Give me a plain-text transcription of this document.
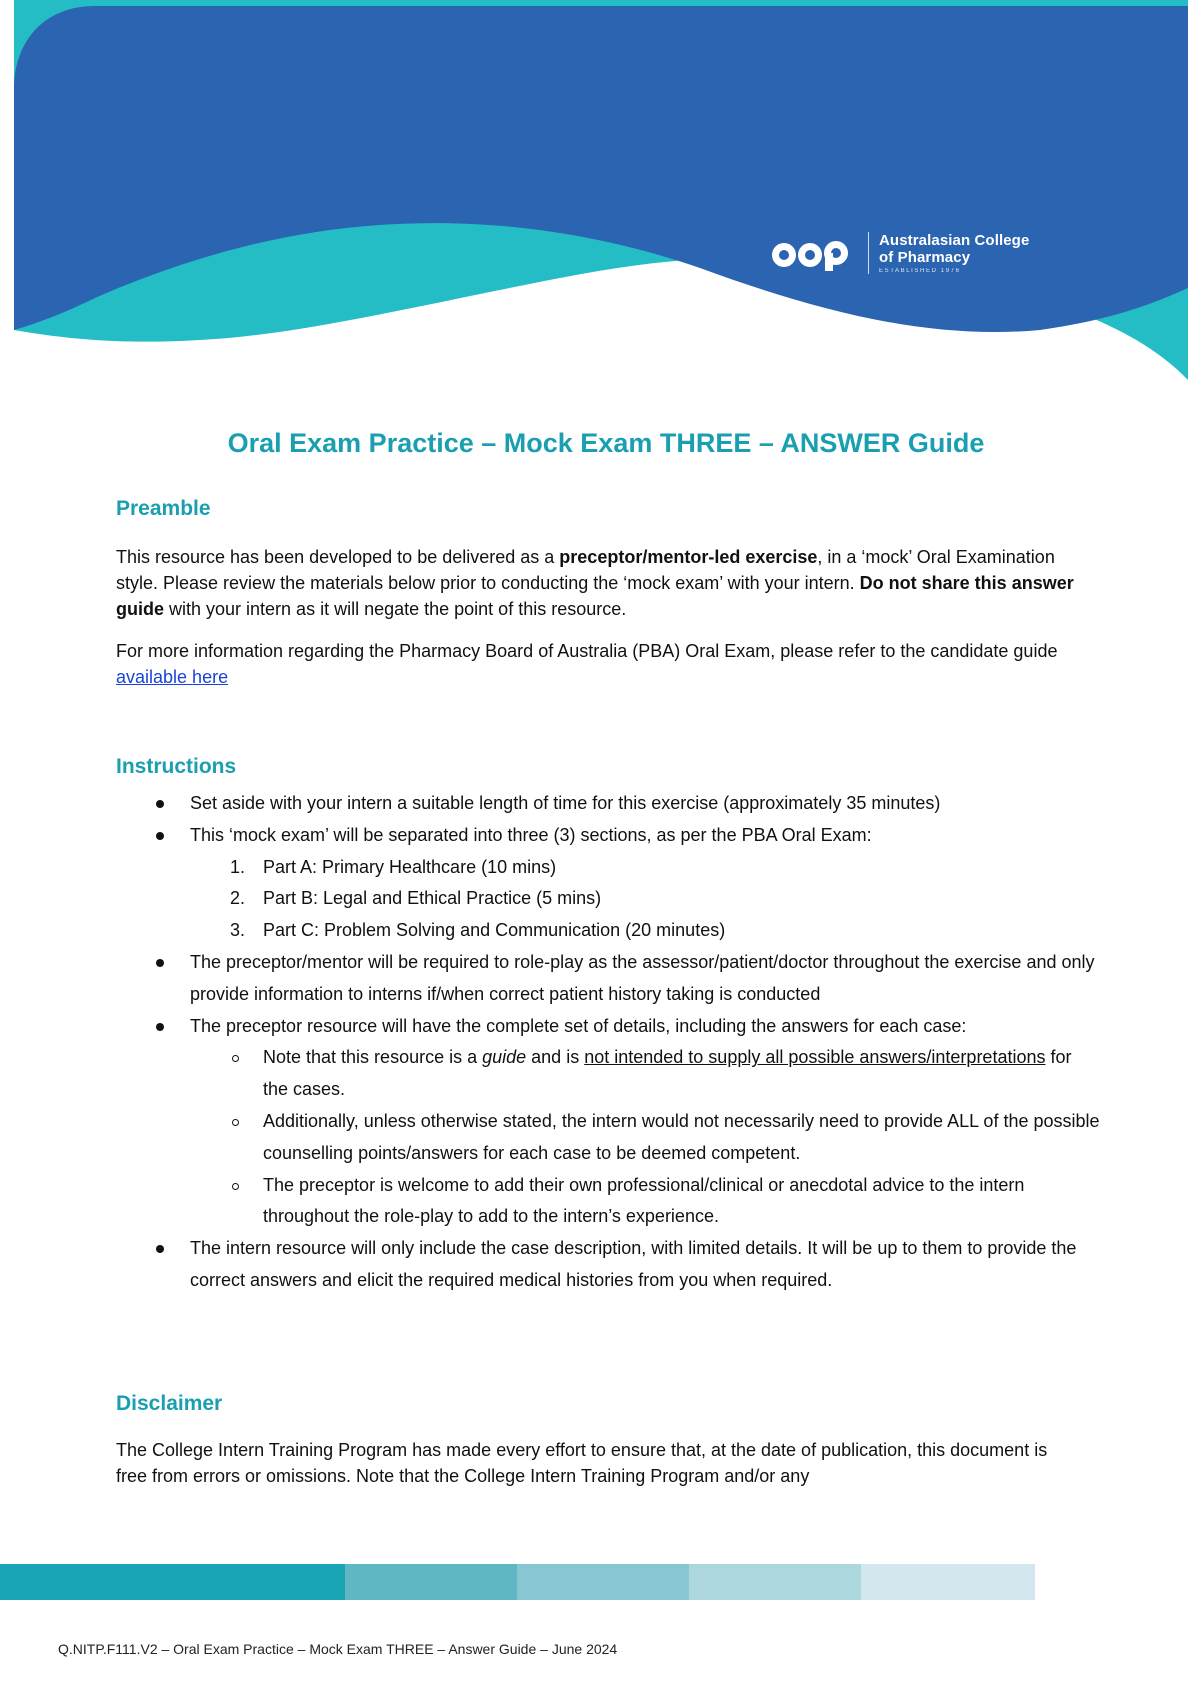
Australasian College
of Pharmacy
ESTABLISHED 1976
Oral Exam Practice – Mock Exam THREE – ANSWER Guide
Preamble

This resource has been developed to be delivered as a preceptor/mentor-led exercise, in a ‘mock’ Oral Examination style. Please review the materials below prior to conducting the ‘mock exam’ with your intern. Do not share this answer guide with your intern as it will negate the point of this resource.

For more information regarding the Pharmacy Board of Australia (PBA) Oral Exam, please refer to the candidate guide available here

Instructions
Set aside with your intern a suitable length of time for this exercise (approximately 35 minutes)
This ‘mock exam’ will be separated into three (3) sections, as per the PBA Oral Exam:
1. Part A: Primary Healthcare (10 mins)
2. Part B: Legal and Ethical Practice (5 mins)
3. Part C: Problem Solving and Communication (20 minutes)
The preceptor/mentor will be required to role-play as the assessor/patient/doctor throughout the exercise and only provide information to interns if/when correct patient history taking is conducted
The preceptor resource will have the complete set of details, including the answers for each case:
Note that this resource is a guide and is not intended to supply all possible answers/interpretations for the cases.
Additionally, unless otherwise stated, the intern would not necessarily need to provide ALL of the possible counselling points/answers for each case to be deemed competent.
The preceptor is welcome to add their own professional/clinical or anecdotal advice to the intern throughout the role-play to add to the intern’s experience.
The intern resource will only include the case description, with limited details. It will be up to them to provide the correct answers and elicit the required medical histories from you when required.
Disclaimer

The College Intern Training Program has made every effort to ensure that, at the date of publication, this document is free from errors or omissions. Note that the College Intern Training Program and/or any

Q.NITP.F111.V2 – Oral Exam Practice – Mock Exam THREE – Answer Guide – June 2024
